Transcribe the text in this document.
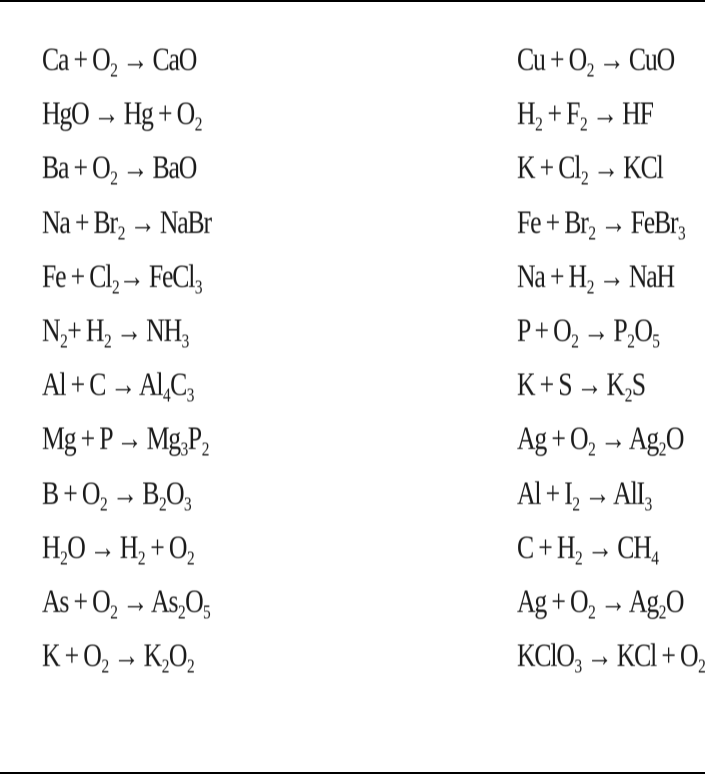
Ca + O₂ → CaO
HgO → Hg + O₂
Ba + O₂ → BaO
Na + Br₂ → NaBr
Fe + Cl₂→ FeCl₃
N₂+ H₂ → NH₃
Al + C → Al₄C₃
Mg + P → Mg₃P₂
B + O₂ → B₂O₃
H₂O → H₂ + O₂
As + O₂ → As₂O₅
K + O₂ → K₂O₂
Cu + O₂ → CuO
H₂ + F₂ → HF
K + Cl₂ → KCl
Fe + Br₂ → FeBr₃
Na + H₂ → NaH
P + O₂ → P₂O₅
K + S → K₂S
Ag + O₂ → Ag₂O
Al + I₂ → AlI₃
C + H₂ → CH₄
Ag + O₂ → Ag₂O
KClO₃ → KCl + O₂
